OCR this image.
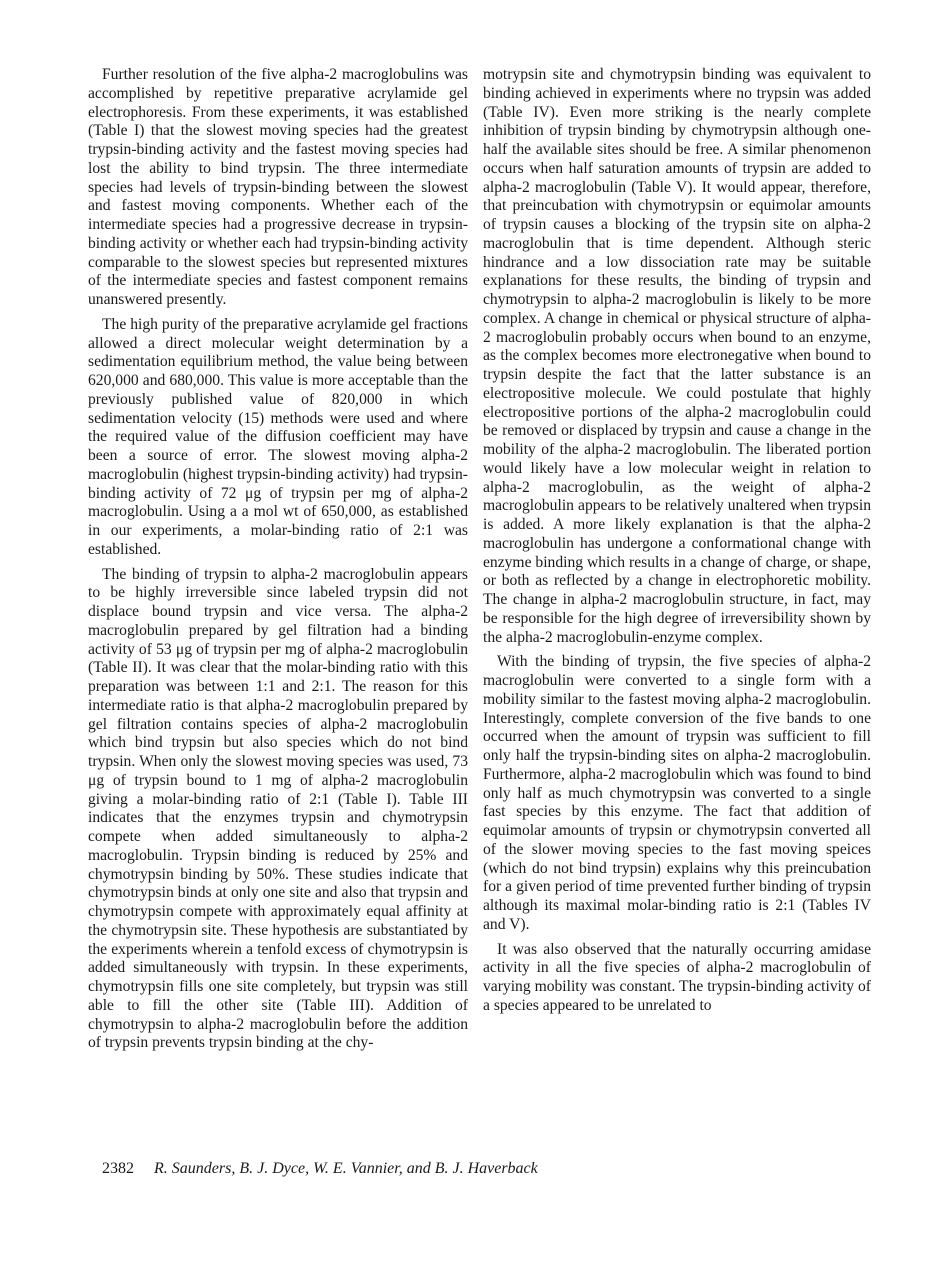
Further resolution of the five alpha-2 macroglobulins was accomplished by repetitive preparative acrylamide gel electrophoresis. From these experiments, it was established (Table I) that the slowest moving species had the greatest trypsin-binding activity and the fastest moving species had lost the ability to bind trypsin. The three intermediate species had levels of trypsin-binding between the slowest and fastest moving components. Whether each of the intermediate species had a progressive decrease in trypsin-binding activity or whether each had trypsin-binding activity comparable to the slowest species but represented mixtures of the intermediate species and fastest component remains unanswered presently.

The high purity of the preparative acrylamide gel fractions allowed a direct molecular weight determination by a sedimentation equilibrium method, the value being between 620,000 and 680,000. This value is more acceptable than the previously published value of 820,000 in which sedimentation velocity (15) methods were used and where the required value of the diffusion coefficient may have been a source of error. The slowest moving alpha-2 macroglobulin (highest trypsin-binding activity) had trypsin-binding activity of 72 μg of trypsin per mg of alpha-2 macroglobulin. Using a a mol wt of 650,000, as established in our experiments, a molar-binding ratio of 2:1 was established.

The binding of trypsin to alpha-2 macroglobulin appears to be highly irreversible since labeled trypsin did not displace bound trypsin and vice versa. The alpha-2 macroglobulin prepared by gel filtration had a binding activity of 53 μg of trypsin per mg of alpha-2 macroglobulin (Table II). It was clear that the molar-binding ratio with this preparation was between 1:1 and 2:1. The reason for this intermediate ratio is that alpha-2 macroglobulin prepared by gel filtration contains species of alpha-2 macroglobulin which bind trypsin but also species which do not bind trypsin. When only the slowest moving species was used, 73 μg of trypsin bound to 1 mg of alpha-2 macroglobulin giving a molar-binding ratio of 2:1 (Table I). Table III indicates that the enzymes trypsin and chymotrypsin compete when added simultaneously to alpha-2 macroglobulin. Trypsin binding is reduced by 25% and chymotrypsin binding by 50%. These studies indicate that chymotrypsin binds at only one site and also that trypsin and chymotrypsin compete with approximately equal affinity at the chymotrypsin site. These hypothesis are substantiated by the experiments wherein a tenfold excess of chymotrypsin is added simultaneously with trypsin. In these experiments, chymotrypsin fills one site completely, but trypsin was still able to fill the other site (Table III). Addition of chymotrypsin to alpha-2 macroglobulin before the addition of trypsin prevents trypsin binding at the chy-

motrypsin site and chymotrypsin binding was equivalent to binding achieved in experiments where no trypsin was added (Table IV). Even more striking is the nearly complete inhibition of trypsin binding by chymotrypsin although one-half the available sites should be free. A similar phenomenon occurs when half saturation amounts of trypsin are added to alpha-2 macroglobulin (Table V). It would appear, therefore, that preincubation with chymotrypsin or equimolar amounts of trypsin causes a blocking of the trypsin site on alpha-2 macroglobulin that is time dependent. Although steric hindrance and a low dissociation rate may be suitable explanations for these results, the binding of trypsin and chymotrypsin to alpha-2 macroglobulin is likely to be more complex. A change in chemical or physical structure of alpha-2 macroglobulin probably occurs when bound to an enzyme, as the complex becomes more electronegative when bound to trypsin despite the fact that the latter substance is an electropositive molecule. We could postulate that highly electropositive portions of the alpha-2 macroglobulin could be removed or displaced by trypsin and cause a change in the mobility of the alpha-2 macroglobulin. The liberated portion would likely have a low molecular weight in relation to alpha-2 macroglobulin, as the weight of alpha-2 macroglobulin appears to be relatively unaltered when trypsin is added. A more likely explanation is that the alpha-2 macroglobulin has undergone a conformational change with enzyme binding which results in a change of charge, or shape, or both as reflected by a change in electrophoretic mobility. The change in alpha-2 macroglobulin structure, in fact, may be responsible for the high degree of irreversibility shown by the alpha-2 macroglobulin-enzyme complex.

With the binding of trypsin, the five species of alpha-2 macroglobulin were converted to a single form with a mobility similar to the fastest moving alpha-2 macroglobulin. Interestingly, complete conversion of the five bands to one occurred when the amount of trypsin was sufficient to fill only half the trypsin-binding sites on alpha-2 macroglobulin. Furthermore, alpha-2 macroglobulin which was found to bind only half as much chymotrypsin was converted to a single fast species by this enzyme. The fact that addition of equimolar amounts of trypsin or chymotrypsin converted all of the slower moving species to the fast moving speices (which do not bind trypsin) explains why this preincubation for a given period of time prevented further binding of trypsin although its maximal molar-binding ratio is 2:1 (Tables IV and V).

It was also observed that the naturally occurring amidase activity in all the five species of alpha-2 macroglobulin of varying mobility was constant. The trypsin-binding activity of a species appeared to be unrelated to

2382 R. Saunders, B. J. Dyce, W. E. Vannier, and B. J. Haverback
